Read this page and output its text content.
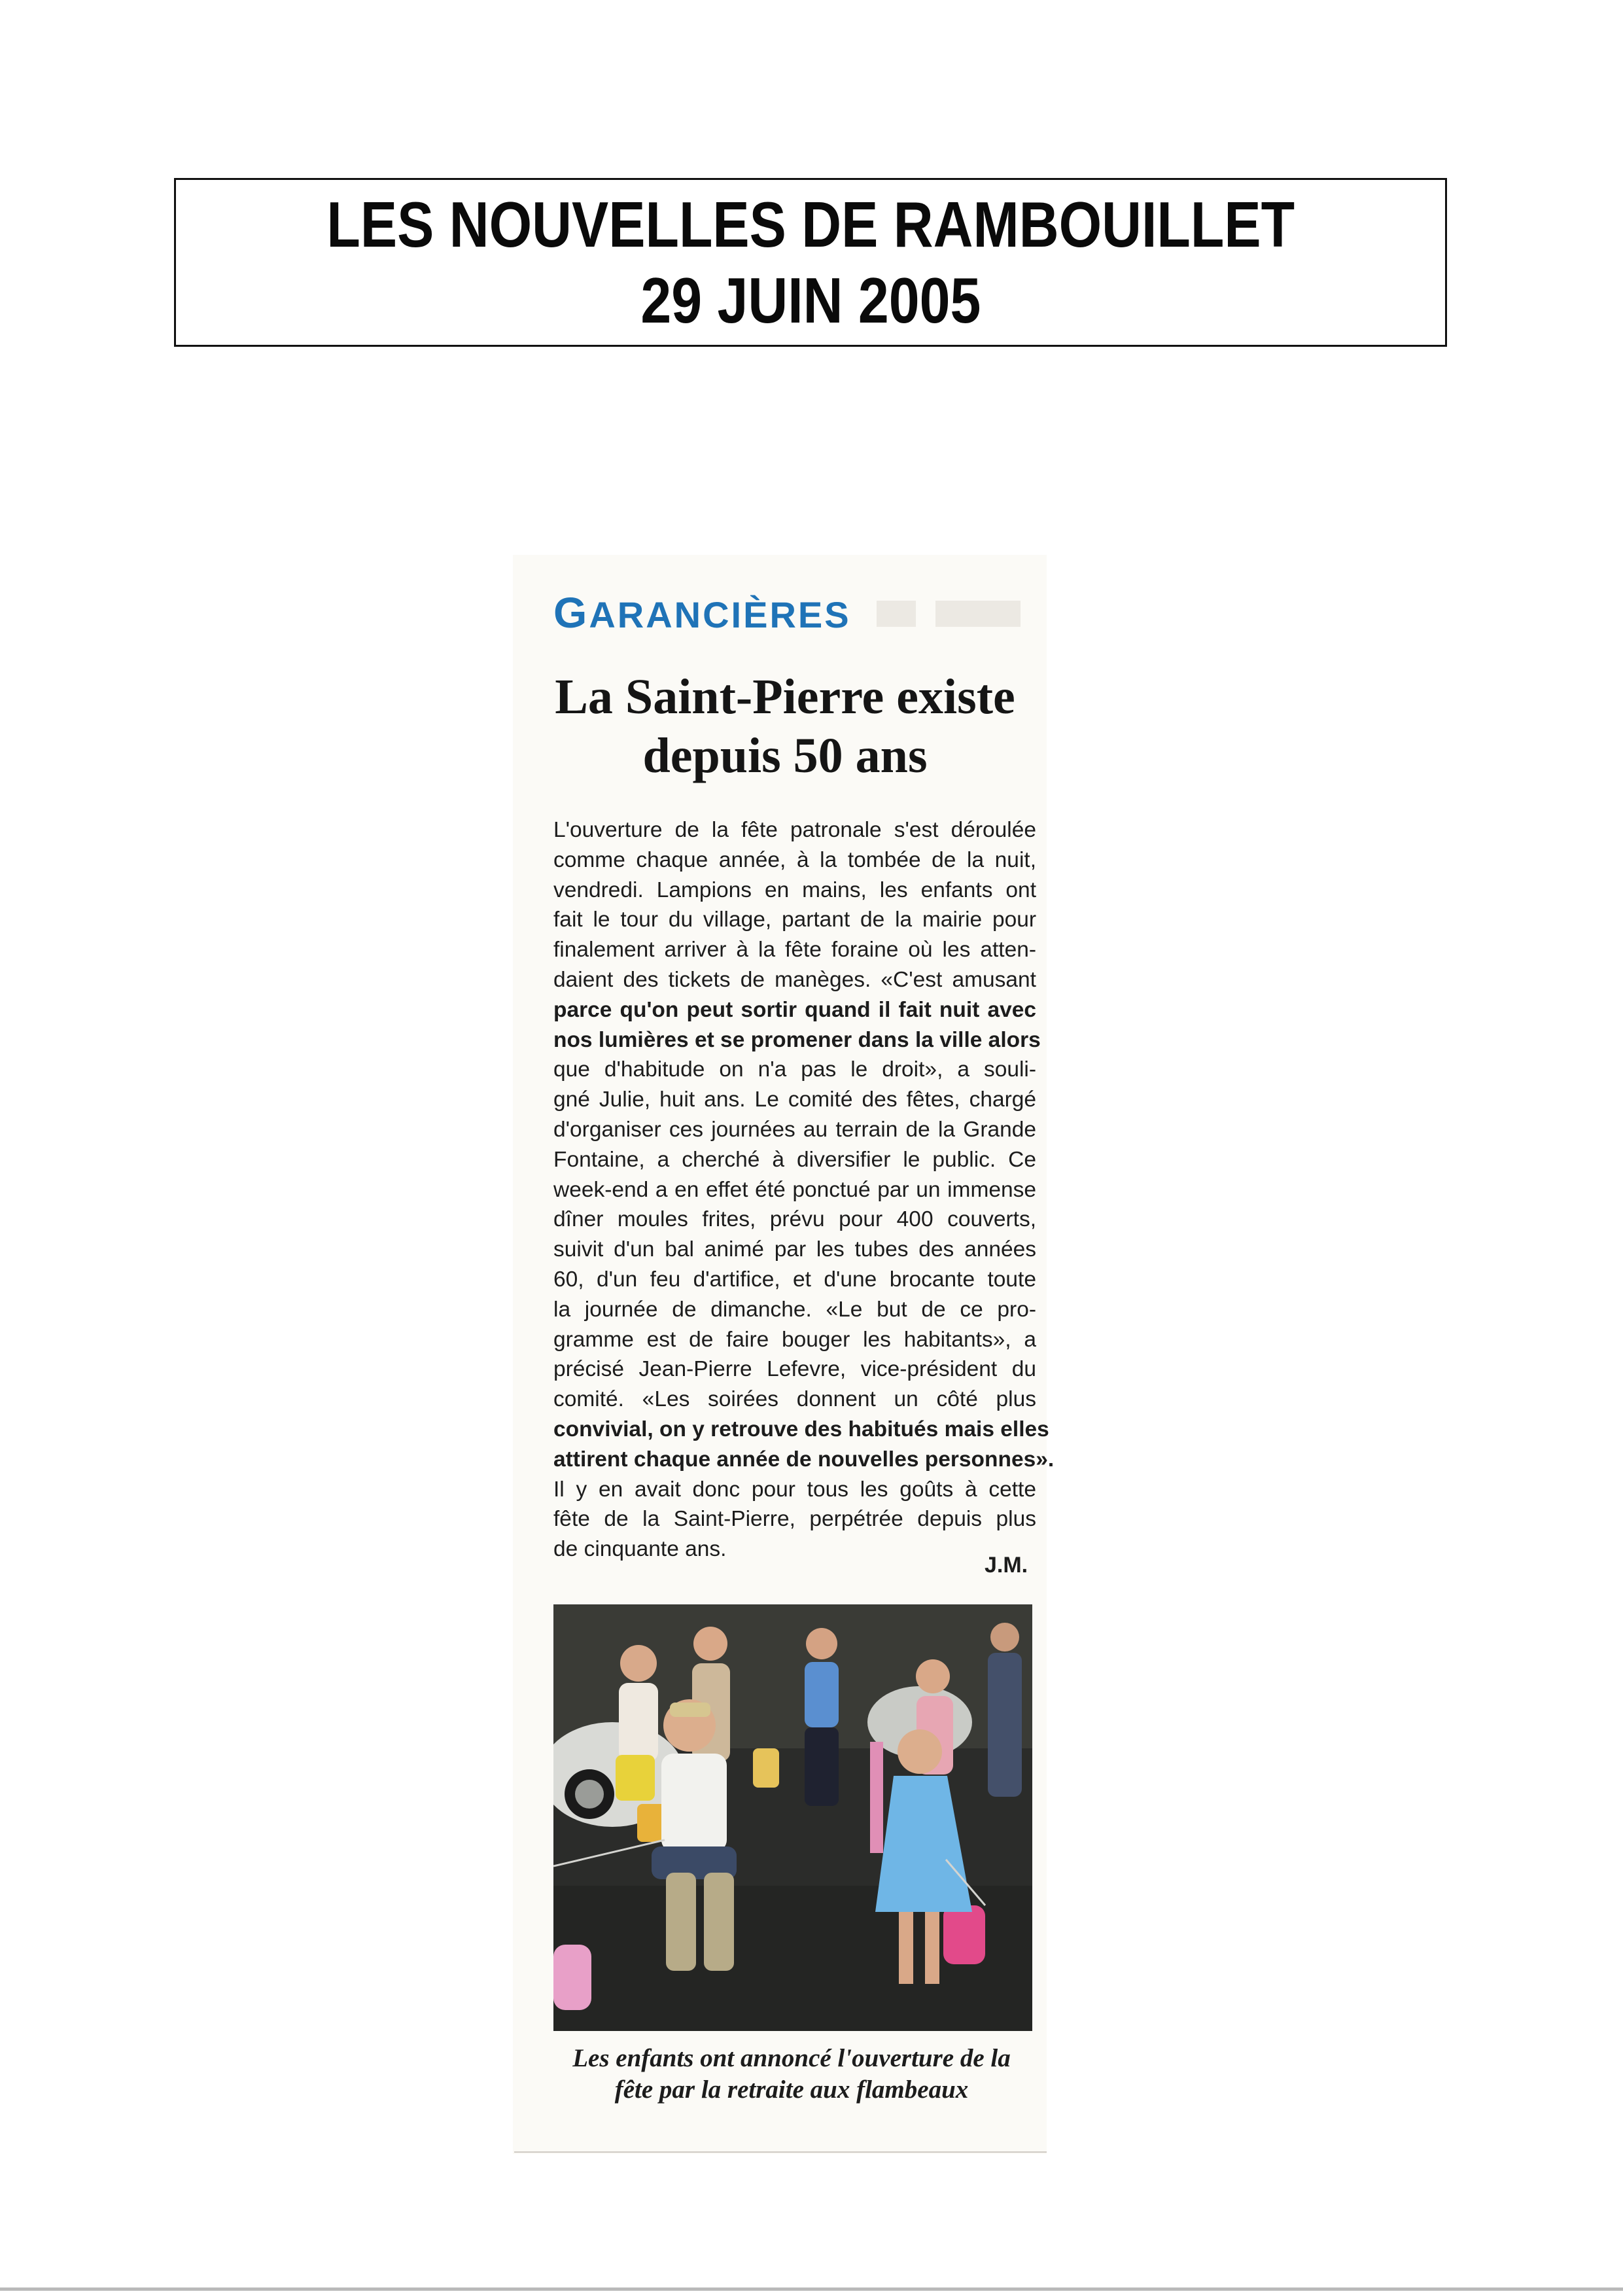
LES NOUVELLES DE RAMBOUILLET
29 JUIN 2005
GARANCIÈRES
La Saint-Pierre existe
depuis 50 ans
L'ouverture de la fête patronale s'est déroulée
comme chaque année, à la tombée de la nuit,
vendredi. Lampions en mains, les enfants ont
fait le tour du village, partant de la mairie pour
finalement arriver à la fête foraine où les atten-
daient des tickets de manèges. «C'est amusant
parce qu'on peut sortir quand il fait nuit avec
nos lumières et se promener dans la ville alors
que d'habitude on n'a pas le droit», a souli-
gné Julie, huit ans. Le comité des fêtes, chargé
d'organiser ces journées au terrain de la Grande
Fontaine, a cherché à diversifier le public. Ce
week-end a en effet été ponctué par un immense
dîner moules frites, prévu pour 400 couverts,
suivit d'un bal animé par les tubes des années
60, d'un feu d'artifice, et d'une brocante toute
la journée de dimanche. «Le but de ce pro-
gramme est de faire bouger les habitants», a
précisé Jean-Pierre Lefevre, vice-président du
comité. «Les soirées donnent un côté plus
convivial, on y retrouve des habitués mais elles
attirent chaque année de nouvelles personnes».
Il y en avait donc pour tous les goûts à cette
fête de la Saint-Pierre, perpétrée depuis plus
de cinquante ans.
J.M.
Les enfants ont annoncé l'ouverture de la
fête par la retraite aux flambeaux
